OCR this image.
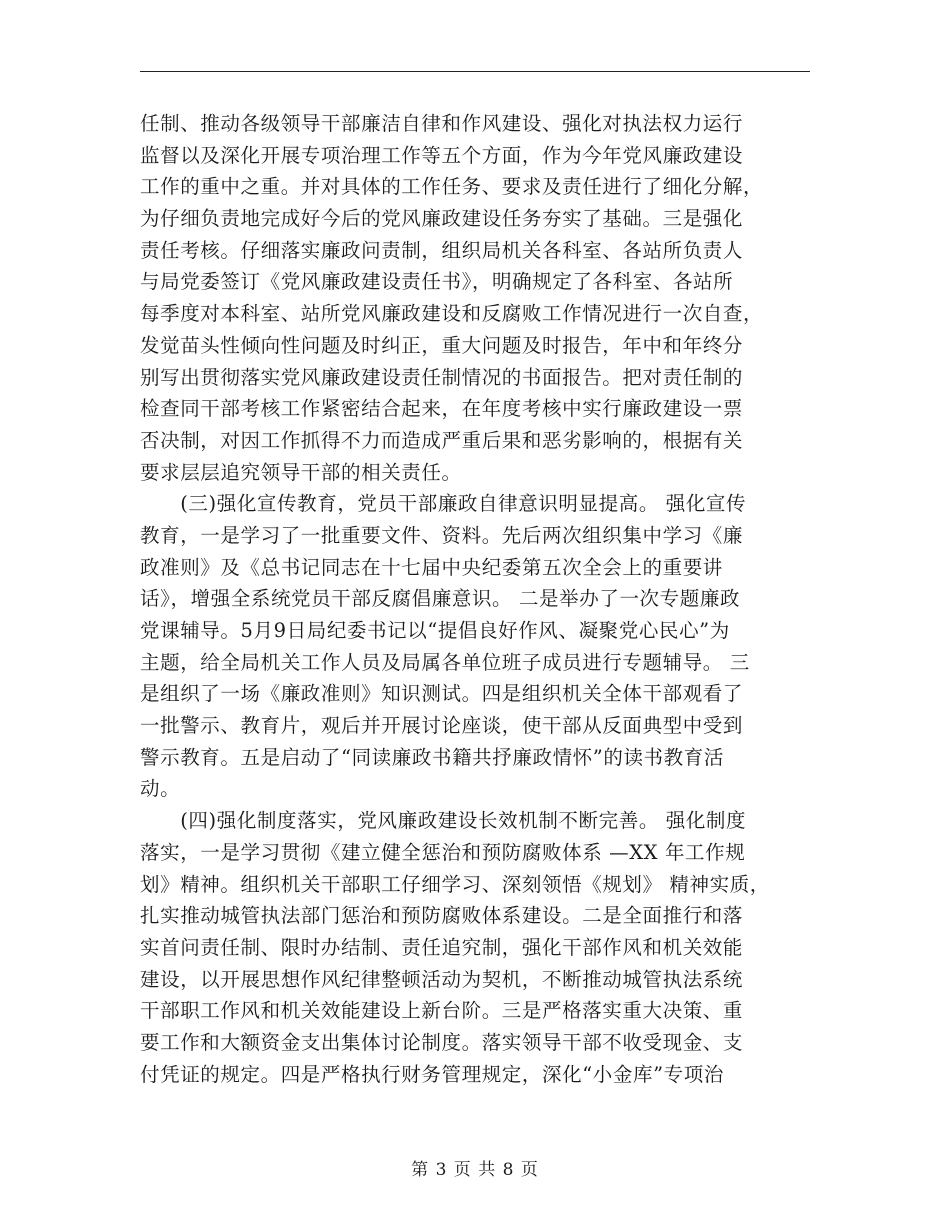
任制、推动各级领导干部廉洁自律和作风建设、强化对执法权力运行
监督以及深化开展专项治理工作等五个方面，作为今年党风廉政建设
工作的重中之重。并对具体的工作任务、要求及责任进行了细化分解，
为仔细负责地完成好今后的党风廉政建设任务夯实了基础。三是强化
责任考核。仔细落实廉政问责制，组织局机关各科室、各站所负责人
与局党委签订《党风廉政建设责任书》，明确规定了各科室、各站所
每季度对本科室、站所党风廉政建设和反腐败工作情况进行一次自查，
发觉苗头性倾向性问题及时纠正，重大问题及时报告，年中和年终分
别写出贯彻落实党风廉政建设责任制情况的书面报告。把对责任制的
检查同干部考核工作紧密结合起来，在年度考核中实行廉政建设一票
否决制，对因工作抓得不力而造成严重后果和恶劣影响的，根据有关
要求层层追究领导干部的相关责任。
　　(三)强化宣传教育，党员干部廉政自律意识明显提高。 强化宣传
教育，一是学习了一批重要文件、资料。先后两次组织集中学习《廉
政准则》及《总书记同志在十七届中央纪委第五次全会上的重要讲
话》，增强全系统党员干部反腐倡廉意识。 二是举办了一次专题廉政
党课辅导。5月9日局纪委书记以“提倡良好作风、凝聚党心民心”为
主题，给全局机关工作人员及局属各单位班子成员进行专题辅导。 三
是组织了一场《廉政准则》知识测试。四是组织机关全体干部观看了
一批警示、教育片，观后并开展讨论座谈，使干部从反面典型中受到
警示教育。五是启动了“同读廉政书籍共抒廉政情怀”的读书教育活
动。
　　(四)强化制度落实，党风廉政建设长效机制不断完善。 强化制度
落实，一是学习贯彻《建立健全惩治和预防腐败体系 —XX 年工作规
划》精神。组织机关干部职工仔细学习、深刻领悟《规划》 精神实质，
扎实推动城管执法部门惩治和预防腐败体系建设。二是全面推行和落
实首问责任制、限时办结制、责任追究制，强化干部作风和机关效能
建设，以开展思想作风纪律整顿活动为契机，不断推动城管执法系统
干部职工作风和机关效能建设上新台阶。三是严格落实重大决策、重
要工作和大额资金支出集体讨论制度。落实领导干部不收受现金、支
付凭证的规定。四是严格执行财务管理规定，深化“小金库”专项治
第 3 页 共 8 页
